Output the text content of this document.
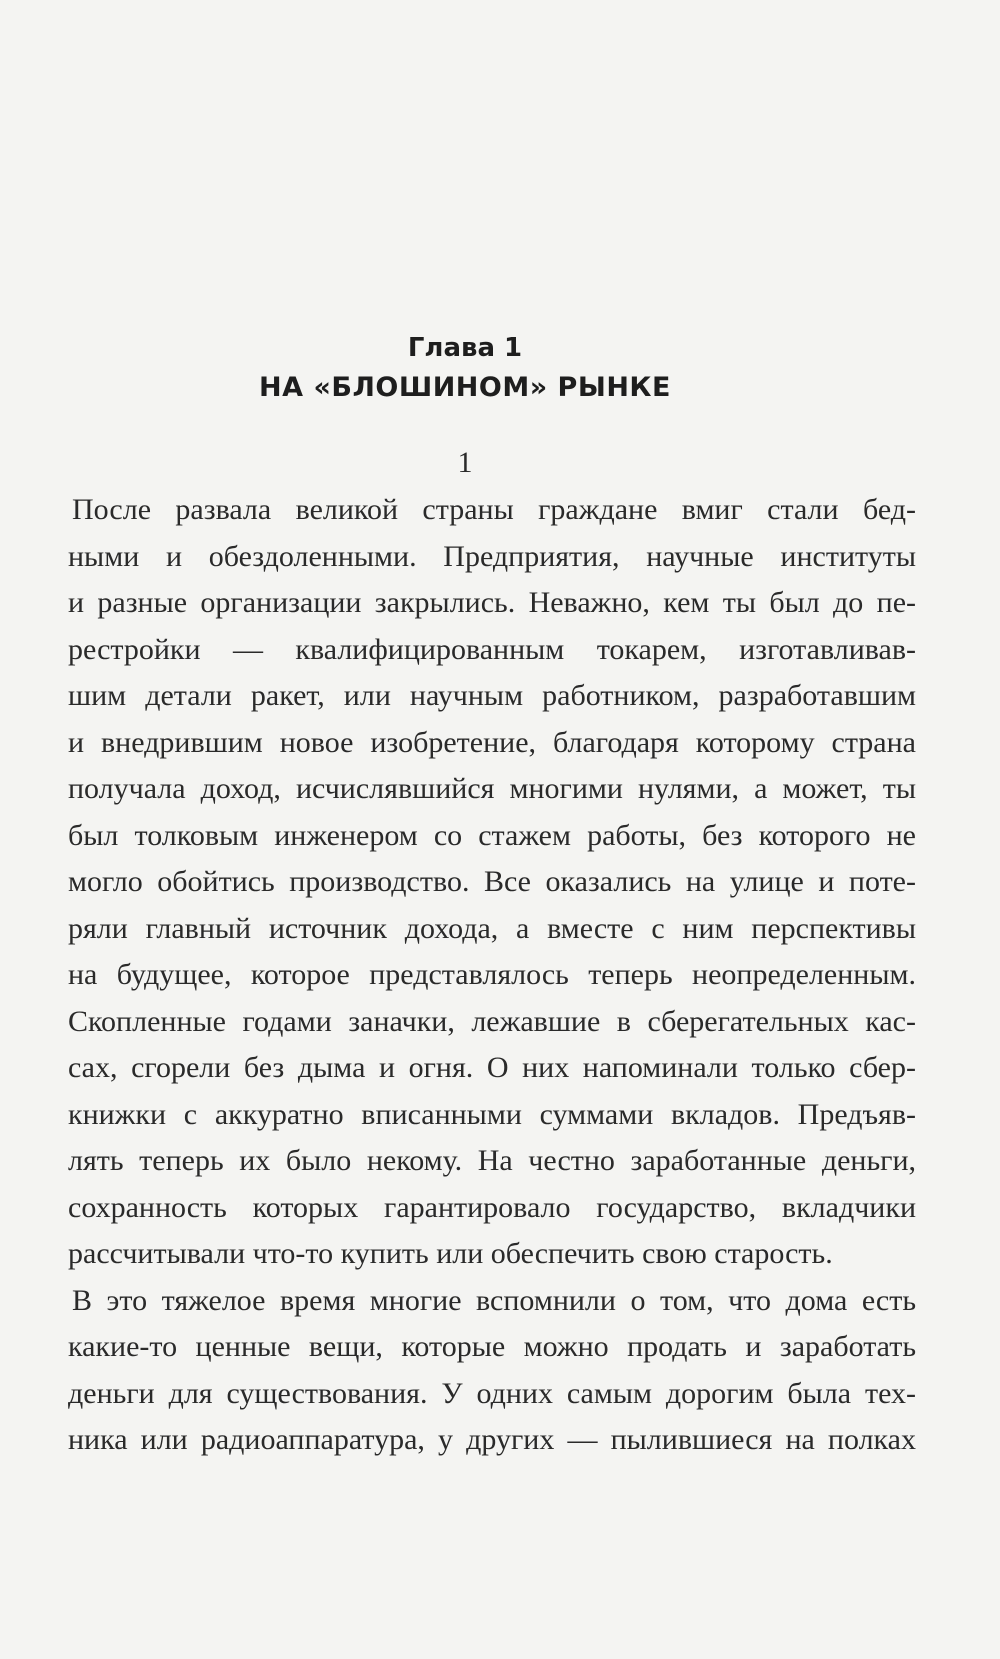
Глава 1
НА «БЛОШИНОМ» РЫНКЕ
1
После развала великой страны граждане вмиг стали бед-
ными и обездоленными. Предприятия, научные институты
и разные организации закрылись. Неважно, кем ты был до пе-
рестройки — квалифицированным токарем, изготавливав-
шим детали ракет, или научным работником, разработавшим
и внедрившим новое изобретение, благодаря которому страна
получала доход, исчислявшийся многими нулями, а может, ты
был толковым инженером со стажем работы, без которого не
могло обойтись производство. Все оказались на улице и поте-
ряли главный источник дохода, а вместе с ним перспективы
на будущее, которое представлялось теперь неопределенным.
Скопленные годами заначки, лежавшие в сберегательных кас-
сах, сгорели без дыма и огня. О них напоминали только сбер-
книжки с аккуратно вписанными суммами вкладов. Предъяв-
лять теперь их было некому. На честно заработанные деньги,
сохранность которых гарантировало государство, вкладчики
рассчитывали что-то купить или обеспечить свою старость.
В это тяжелое время многие вспомнили о том, что дома есть
какие-то ценные вещи, которые можно продать и заработать
деньги для существования. У одних самым дорогим была тех-
ника или радиоаппаратура, у других — пылившиеся на полках
